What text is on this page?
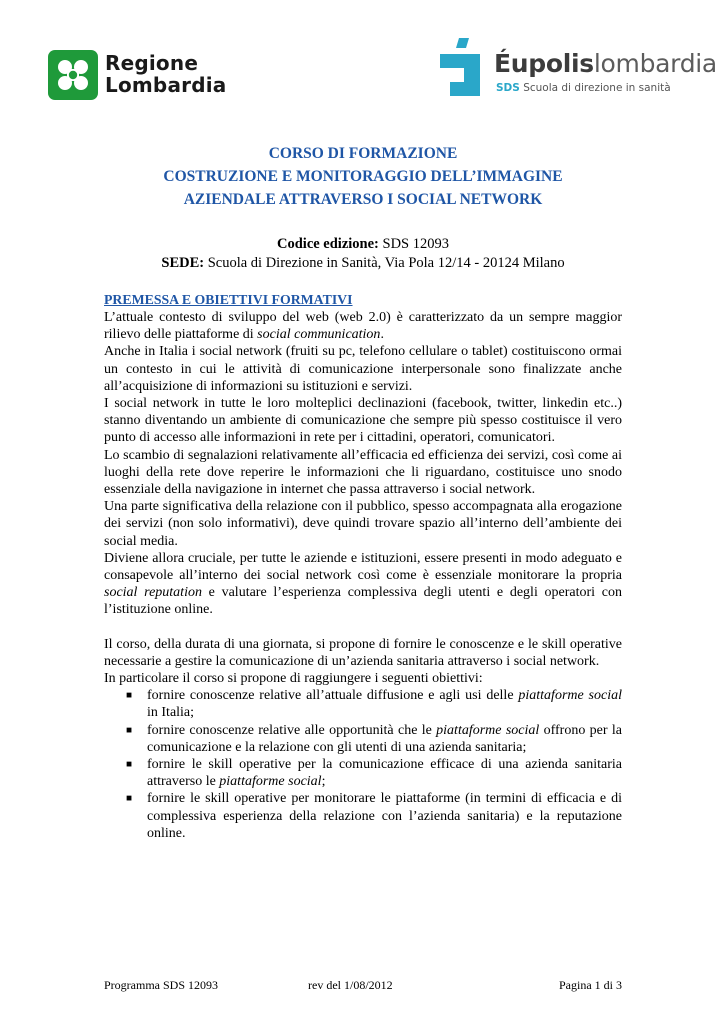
Regione
Lombardia
Éupolislombardia
SDS Scuola di direzione in sanità
CORSO DI FORMAZIONE
COSTRUZIONE E MONITORAGGIO DELL’IMMAGINE
AZIENDALE ATTRAVERSO I SOCIAL NETWORK
Codice edizione: SDS 12093
SEDE: Scuola di Direzione in Sanità, Via Pola 12/14 - 20124 Milano
PREMESSA E OBIETTIVI FORMATIVI

L’attuale contesto di sviluppo del web (web 2.0) è caratterizzato da un sempre maggior rilievo delle piattaforme di social communication.

Anche in Italia i social network (fruiti su pc, telefono cellulare o tablet) costituiscono ormai un contesto in cui le attività di comunicazione interpersonale sono finalizzate anche all’acquisizione di informazioni su istituzioni e servizi.

I social network in tutte le loro molteplici declinazioni (facebook, twitter, linkedin etc..) stanno diventando un ambiente di comunicazione che sempre più spesso costituisce il vero punto di accesso alle informazioni in rete per i cittadini, operatori, comunicatori.

Lo scambio di segnalazioni relativamente all’efficacia ed efficienza dei servizi, così come ai luoghi della rete dove reperire le informazioni che li riguardano, costituisce uno snodo essenziale della navigazione in internet che passa attraverso i social network.

Una parte significativa della relazione con il pubblico, spesso accompagnata alla erogazione dei servizi (non solo informativi), deve quindi trovare spazio all’interno dell’ambiente dei social media.

Diviene allora cruciale, per tutte le aziende e istituzioni, essere presenti in modo adeguato e consapevole all’interno dei social network così come è essenziale monitorare la propria social reputation e valutare l’esperienza complessiva degli utenti e degli operatori con l’istituzione online.

Il corso, della durata di una giornata, si propone di fornire le conoscenze e le skill operative necessarie a gestire la comunicazione di un’azienda sanitaria attraverso i social network.

In particolare il corso si propone di raggiungere i seguenti obiettivi:

■ fornire conoscenze relative all’attuale diffusione e agli usi delle piattaforme social in Italia;
■ fornire conoscenze relative alle opportunità che le piattaforme social offrono per la comunicazione e la relazione con gli utenti di una azienda sanitaria;
■ fornire le skill operative per la comunicazione efficace di una azienda sanitaria attraverso le piattaforme social;
■ fornire le skill operative per monitorare le piattaforme (in termini di efficacia e di complessiva esperienza della relazione con l’azienda sanitaria) e la reputazione online.
Programma SDS 12093	rev del 1/08/2012	Pagina 1 di 3
